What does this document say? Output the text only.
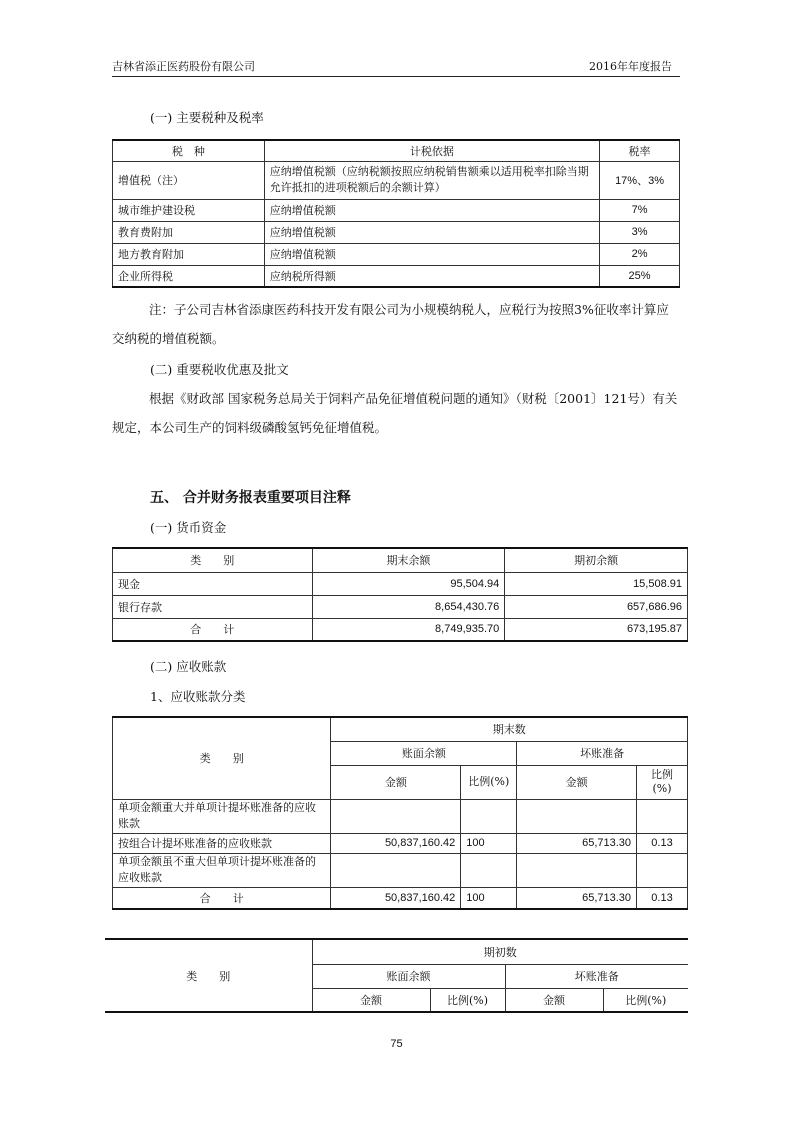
吉林省添正医药股份有限公司	2016年年度报告
(一) 主要税种及税率
税　种	计税依据	税率
增值税（注）	应纳增值税额（应纳税额按照应纳税销售额乘以适用税率扣除当期允许抵扣的进项税额后的余额计算）	17%、3%
城市维护建设税	应纳增值税额	7%
教育费附加	应纳增值税额	3%
地方教育附加	应纳增值税额	2%
企业所得税	应纳税所得额	25%
注：子公司吉林省添康医药科技开发有限公司为小规模纳税人，应税行为按照3%征收率计算应交纳税的增值税额。
(二) 重要税收优惠及批文
根据《财政部 国家税务总局关于饲料产品免征增值税问题的通知》（财税〔2001〕121号）有关规定，本公司生产的饲料级磷酸氢钙免征增值税。
五、 合并财务报表重要项目注释
(一) 货币资金
类　　别	期末余额	期初余额
现金	95,504.94	15,508.91
银行存款	8,654,430.76	657,686.96
合　　计	8,749,935.70	673,195.87
(二) 应收账款
1、应收账款分类
类　　别	期末数			
	账面余额		坏账准备	
	金额	比例(%)	金额	比例(%)
单项金额重大并单项计提坏账准备的应收账款				
按组合计提坏账准备的应收账款	50,837,160.42	100	65,713.30	0.13
单项金额虽不重大但单项计提坏账准备的应收账款				
合　　计	50,837,160.42	100	65,713.30	0.13
类　　别	期初数			
	账面余额		坏账准备	
	金额	比例(%)	金额	比例(%)
75
